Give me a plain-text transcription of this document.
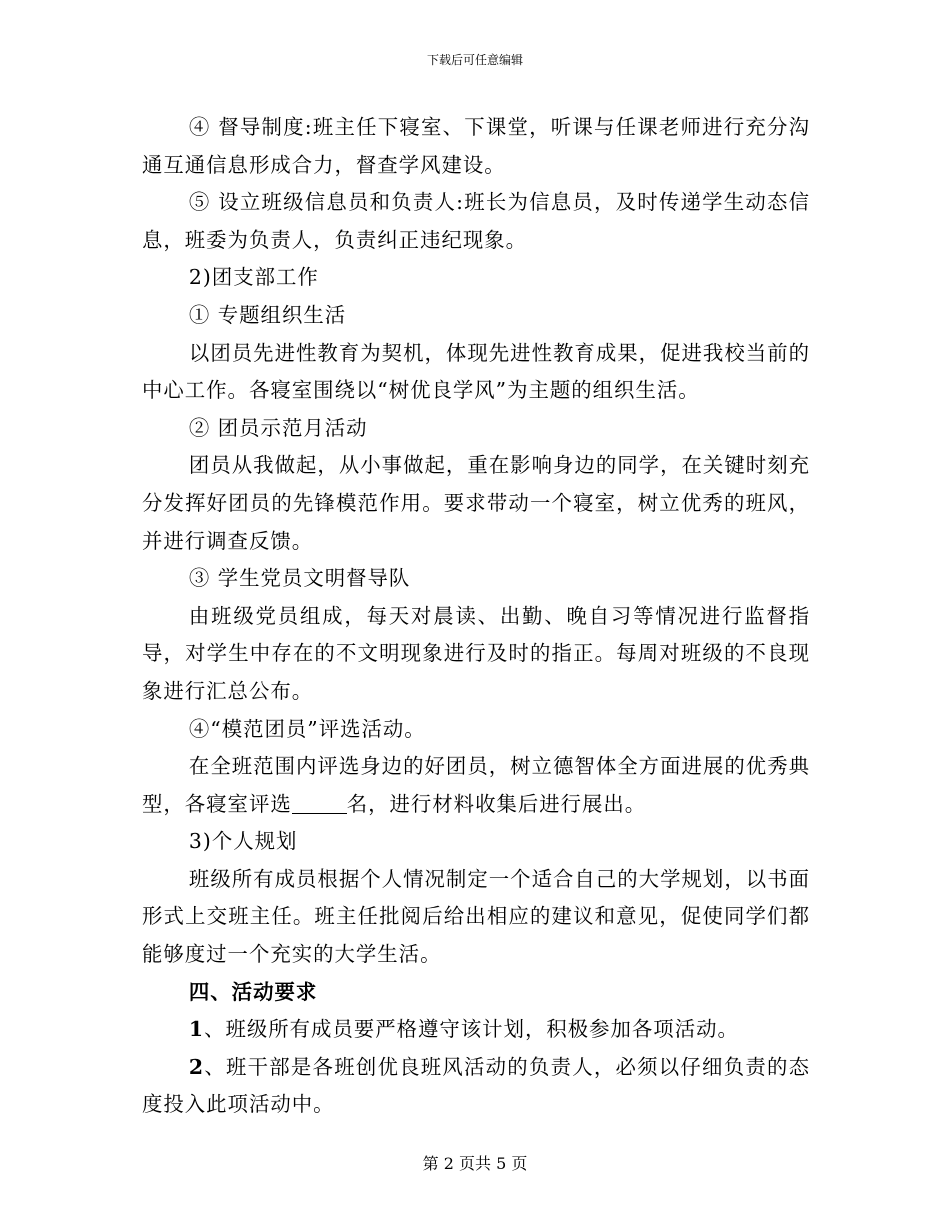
下载后可任意编辑

④ 督导制度:班主任下寝室、下课堂，听课与任课老师进行充分沟通互通信息形成合力，督查学风建设。

⑤ 设立班级信息员和负责人:班长为信息员，及时传递学生动态信息，班委为负责人，负责纠正违纪现象。

2)团支部工作

① 专题组织生活

以团员先进性教育为契机，体现先进性教育成果，促进我校当前的中心工作。各寝室围绕以“树优良学风”为主题的组织生活。

② 团员示范月活动

团员从我做起，从小事做起，重在影响身边的同学，在关键时刻充分发挥好团员的先锋模范作用。要求带动一个寝室，树立优秀的班风，并进行调查反馈。

③ 学生党员文明督导队

由班级党员组成，每天对晨读、出勤、晚自习等情况进行监督指导，对学生中存在的不文明现象进行及时的指正。每周对班级的不良现象进行汇总公布。

④“模范团员”评选活动。

在全班范围内评选身边的好团员，树立德智体全方面进展的优秀典型，各寝室评选	名，进行材料收集后进行展出。

3)个人规划

班级所有成员根据个人情况制定一个适合自己的大学规划，以书面形式上交班主任。班主任批阅后给出相应的建议和意见，促使同学们都能够度过一个充实的大学生活。

四、活动要求

1、班级所有成员要严格遵守该计划，积极参加各项活动。

2、班干部是各班创优良班风活动的负责人，必须以仔细负责的态度投入此项活动中。

第 2 页共 5 页
